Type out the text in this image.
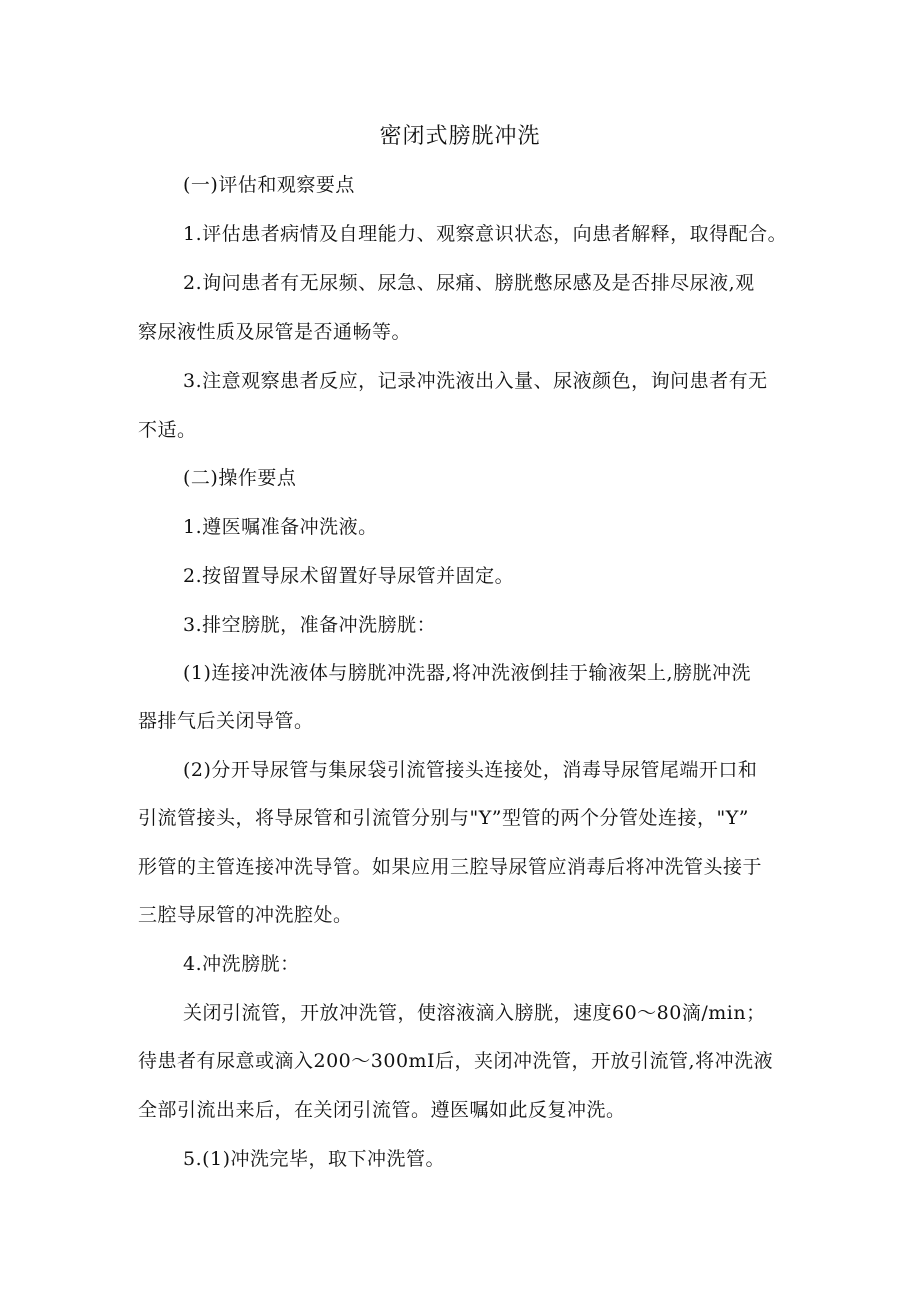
密闭式膀胱冲洗
(一)评估和观察要点
1.评估患者病情及自理能力、观察意识状态，向患者解释，取得配合。
2.询问患者有无尿频、尿急、尿痛、膀胱憋尿感及是否排尽尿液,观
察尿液性质及尿管是否通畅等。
3.注意观察患者反应，记录冲洗液出入量、尿液颜色，询问患者有无
不适。
(二)操作要点
1.遵医嘱准备冲洗液。
2.按留置导尿术留置好导尿管并固定。
3.排空膀胱，准备冲洗膀胱：
(1)连接冲洗液体与膀胱冲洗器,将冲洗液倒挂于输液架上,膀胱冲洗
器排气后关闭导管。
(2)分开导尿管与集尿袋引流管接头连接处，消毒导尿管尾端开口和
引流管接头，将导尿管和引流管分别与"Y”型管的两个分管处连接，"Y”
形管的主管连接冲洗导管。如果应用三腔导尿管应消毒后将冲洗管头接于
三腔导尿管的冲洗腔处。
4.冲洗膀胱：
关闭引流管，开放冲洗管，使溶液滴入膀胱，速度60～80滴/min；
待患者有尿意或滴入200～300mI后，夹闭冲洗管，开放引流管,将冲洗液
全部引流出来后，在关闭引流管。遵医嘱如此反复冲洗。
5.(1)冲洗完毕，取下冲洗管。
